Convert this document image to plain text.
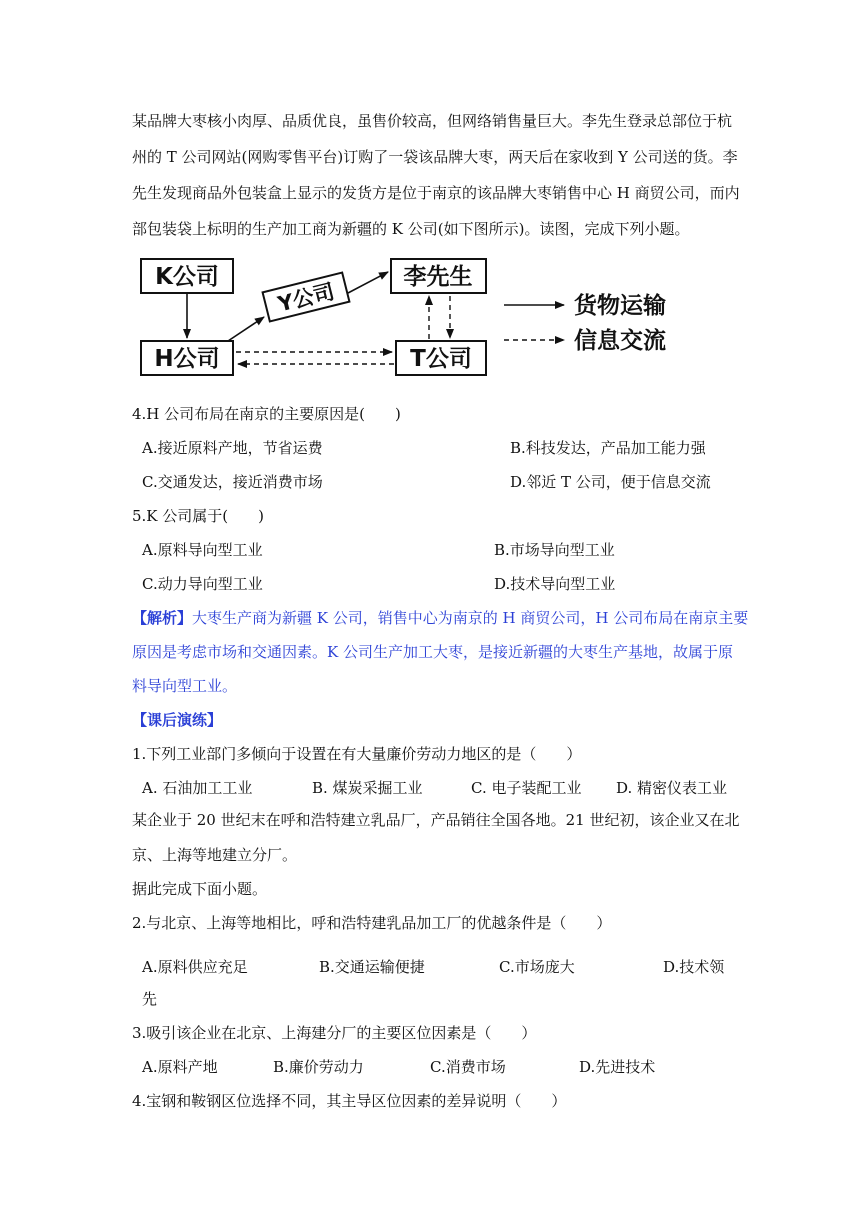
某品牌大枣核小肉厚、品质优良，虽售价较高，但网络销售量巨大。李先生登录总部位于杭
州的 T 公司网站(网购零售平台)订购了一袋该品牌大枣，两天后在家收到 Y 公司送的货。李
先生发现商品外包装盒上显示的发货方是位于南京的该品牌大枣销售中心 H 商贸公司，而内
部包装袋上标明的生产加工商为新疆的 K 公司(如下图所示)。读图，完成下列小题。
K公司
H公司
李先生
T公司
Y公司	货物运输
信息交流
4.H 公司布局在南京的主要原因是(　　)
A.接近原料产地，节省运费	B.科技发达，产品加工能力强
C.交通发达，接近消费市场	D.邻近 T 公司，便于信息交流
5.K 公司属于(　　)
A.原料导向型工业	B.市场导向型工业
C.动力导向型工业	D.技术导向型工业
【解析】大枣生产商为新疆 K 公司，销售中心为南京的 H 商贸公司，H 公司布局在南京主要
原因是考虑市场和交通因素。K 公司生产加工大枣，是接近新疆的大枣生产基地，故属于原
料导向型工业。
【课后演练】
1.下列工业部门多倾向于设置在有大量廉价劳动力地区的是（　　）
A. 石油加工工业	B. 煤炭采掘工业	C. 电子装配工业 D. 精密仪表工业
某企业于 20 世纪末在呼和浩特建立乳品厂，产品销往全国各地。21 世纪初，该企业又在北
京、上海等地建立分厂。
据此完成下面小题。
2.与北京、上海等地相比，呼和浩特建乳品加工厂的优越条件是（　　）
A.原料供应充足	B.交通运输便捷	C.市场庞大	D.技术领
先
3.吸引该企业在北京、上海建分厂的主要区位因素是（　　）
A.原料产地	B.廉价劳动力	C.消费市场	D.先进技术
4.宝钢和鞍钢区位选择不同，其主导区位因素的差异说明（　　）
